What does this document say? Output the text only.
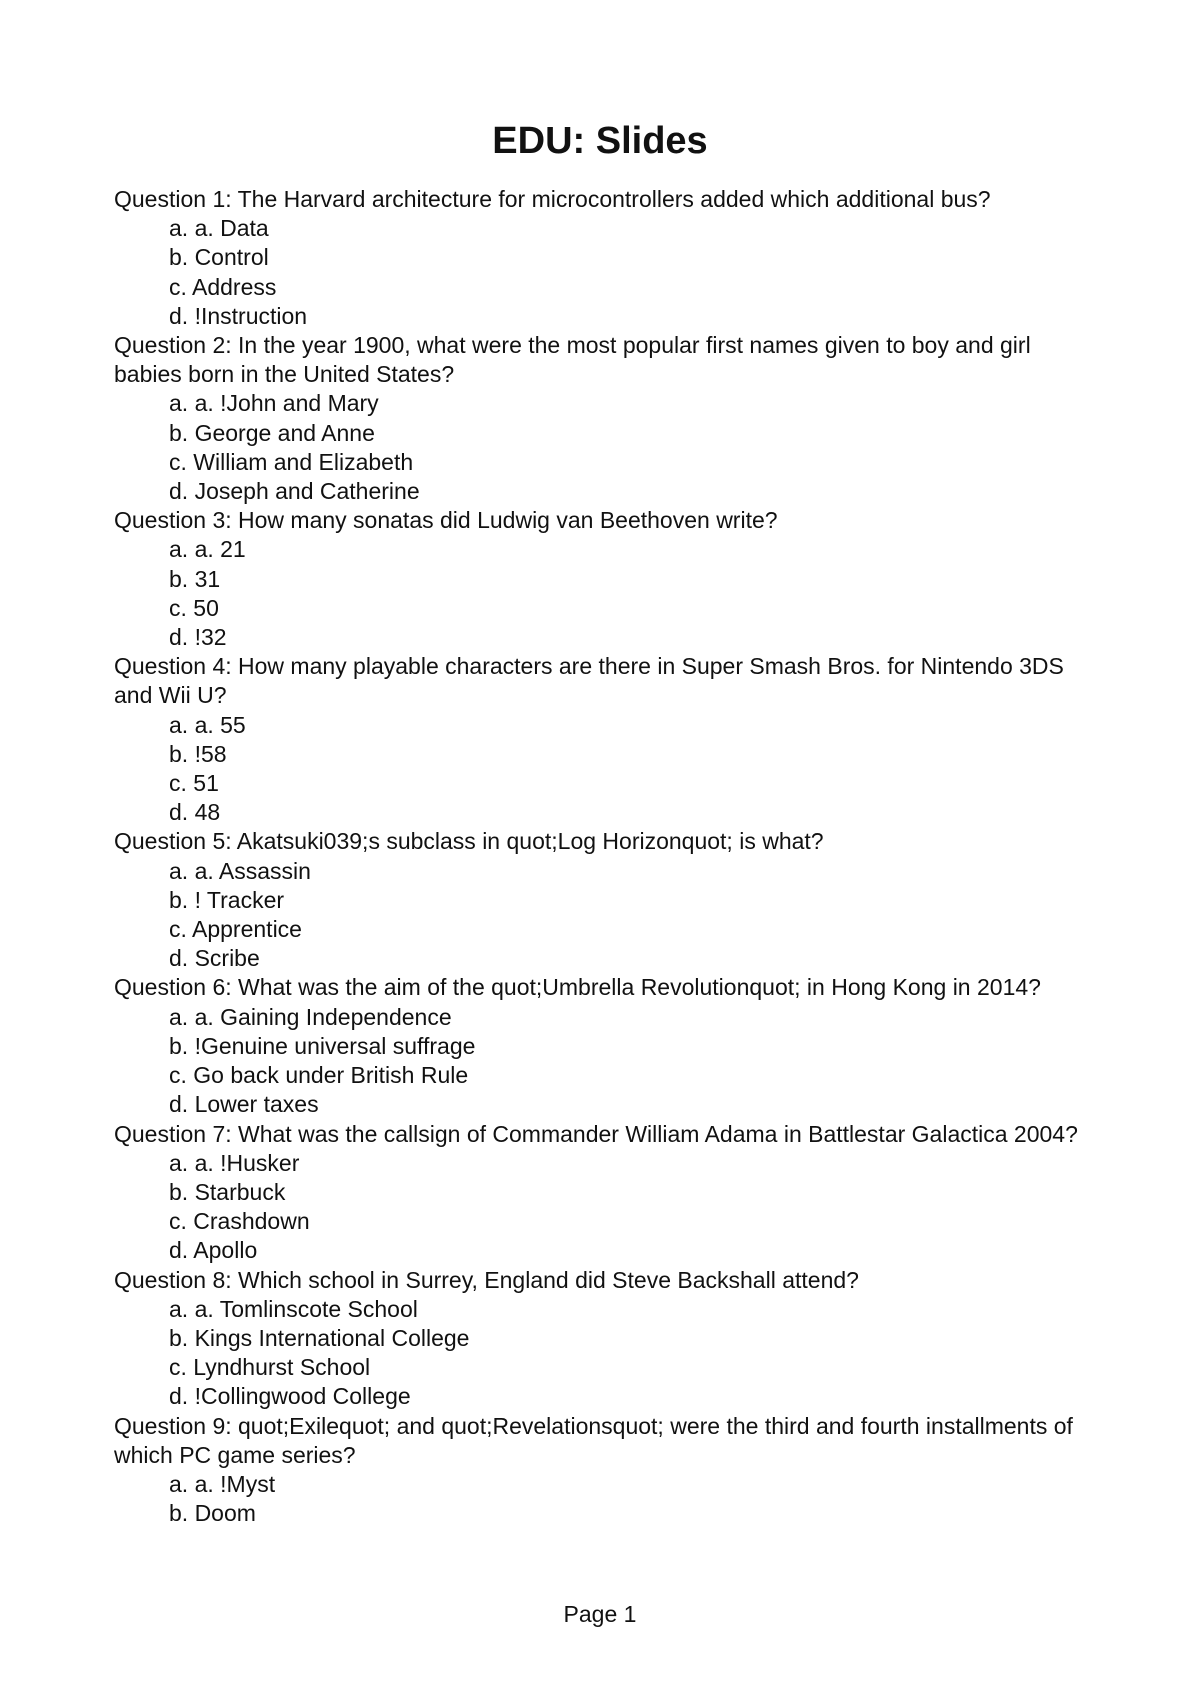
EDU: Slides
Question 1: The Harvard architecture for microcontrollers added which additional bus?
a. a. Data
b. Control
c. Address
d. !Instruction
Question 2: In the year 1900, what were the most popular first names given to boy and girl babies born in the United States?
a. a. !John and Mary
b. George and Anne
c. William and Elizabeth
d. Joseph and Catherine
Question 3: How many sonatas did Ludwig van Beethoven write?
a. a. 21
b. 31
c. 50
d. !32
Question 4: How many playable characters are there in Super Smash Bros. for Nintendo 3DS and Wii U?
a. a. 55
b. !58
c. 51
d. 48
Question 5: Akatsuki039;s subclass in quot;Log Horizonquot; is what?
a. a. Assassin
b. ! Tracker
c. Apprentice
d. Scribe
Question 6: What was the aim of the quot;Umbrella Revolutionquot; in Hong Kong in 2014?
a. a. Gaining Independence
b. !Genuine universal suffrage
c. Go back under British Rule
d. Lower taxes
Question 7: What was the callsign of Commander William Adama in Battlestar Galactica 2004?
a. a. !Husker
b. Starbuck
c. Crashdown
d. Apollo
Question 8: Which school in Surrey, England did Steve Backshall attend?
a. a. Tomlinscote School
b. Kings International College
c. Lyndhurst School
d. !Collingwood College
Question 9: quot;Exilequot; and quot;Revelationsquot; were the third and fourth installments of which PC game series?
a. a. !Myst
b. Doom
Page 1
